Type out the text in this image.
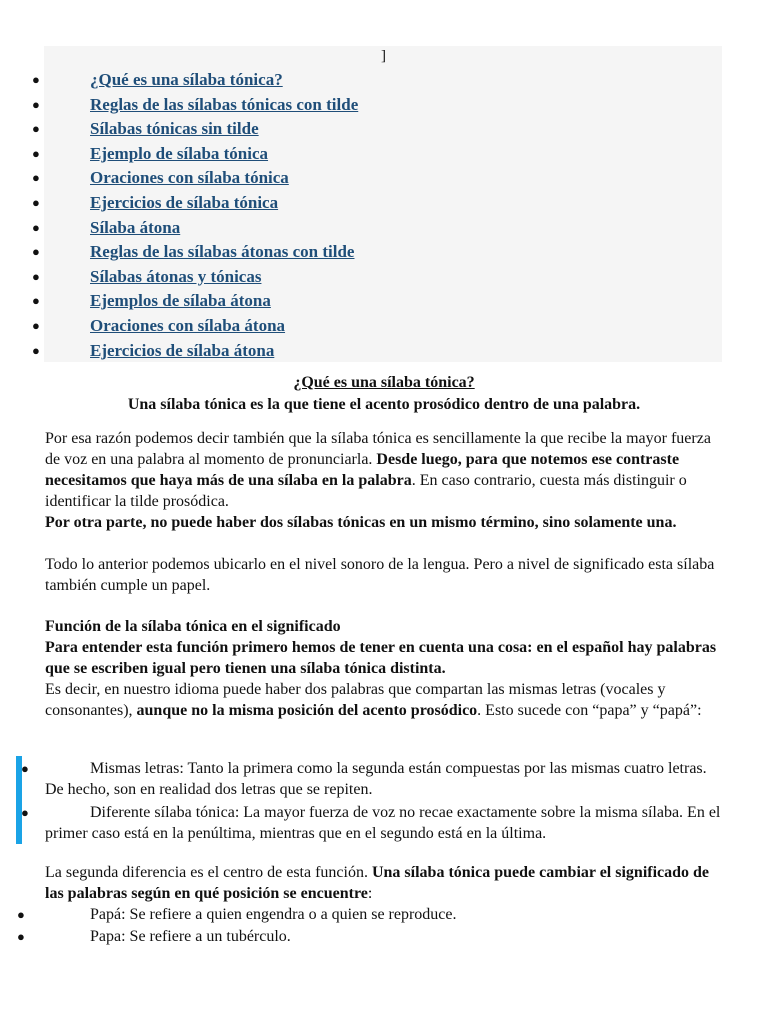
]
●	¿Qué es una sílaba tónica?
●	Reglas de las sílabas tónicas con tilde
●	Sílabas tónicas sin tilde
●	Ejemplo de sílaba tónica
●	Oraciones con sílaba tónica
●	Ejercicios de sílaba tónica
●	Sílaba átona
●	Reglas de las sílabas átonas con tilde
●	Sílabas átonas y tónicas
●	Ejemplos de sílaba átona
●	Oraciones con sílaba átona
●	Ejercicios de sílaba átona
¿Qué es una sílaba tónica?
Una sílaba tónica es la que tiene el acento prosódico dentro de una palabra.
Por esa razón podemos decir también que la sílaba tónica es sencillamente la que recibe la mayor fuerza de voz en una palabra al momento de pronunciarla. Desde luego, para que notemos ese contraste necesitamos que haya más de una sílaba en la palabra. En caso contrario, cuesta más distinguir o identificar la tilde prosódica.
Por otra parte, no puede haber dos sílabas tónicas en un mismo término, sino solamente una.
Todo lo anterior podemos ubicarlo en el nivel sonoro de la lengua. Pero a nivel de significado esta sílaba también cumple un papel.
Función de la sílaba tónica en el significado
Para entender esta función primero hemos de tener en cuenta una cosa: en el español hay palabras que se escriben igual pero tienen una sílaba tónica distinta.
Es decir, en nuestro idioma puede haber dos palabras que compartan las mismas letras (vocales y consonantes), aunque no la misma posición del acento prosódico. Esto sucede con “papa” y “papá”:
●	Mismas letras: Tanto la primera como la segunda están compuestas por las mismas cuatro letras. De hecho, son en realidad dos letras que se repiten.
●	Diferente sílaba tónica: La mayor fuerza de voz no recae exactamente sobre la misma sílaba. En el primer caso está en la penúltima, mientras que en el segundo está en la última.
La segunda diferencia es el centro de esta función. Una sílaba tónica puede cambiar el significado de las palabras según en qué posición se encuentre:
●	Papá: Se refiere a quien engendra o a quien se reproduce.
●	Papa: Se refiere a un tubérculo.
